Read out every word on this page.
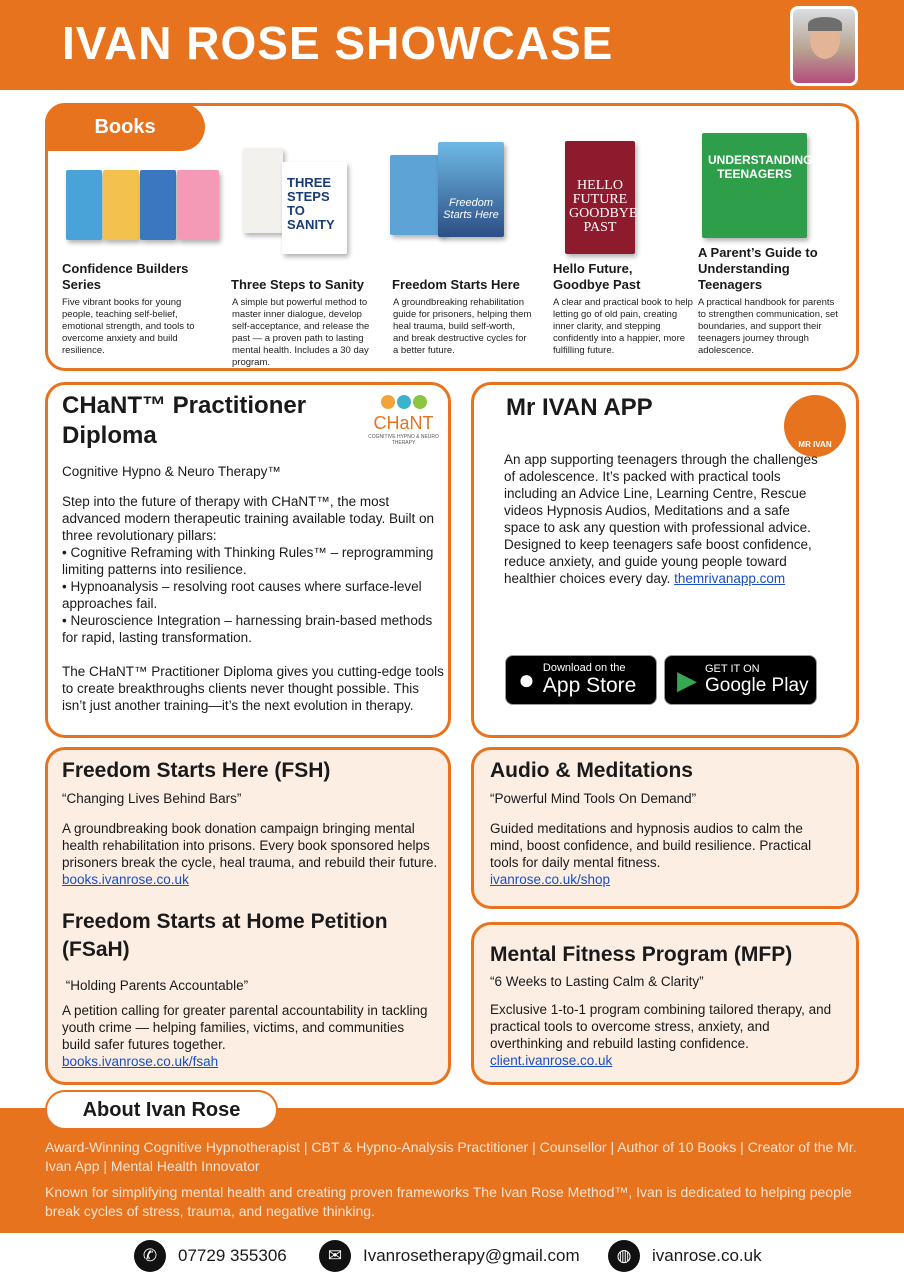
IVAN ROSE SHOWCASE
Books
THREE STEPS TO SANITY
Freedom Starts Here
HELLO FUTURE GOODBYE PAST
UNDERSTANDING TEENAGERS
Confidence Builders Series
Five vibrant books for young people, teaching self-belief, emotional strength, and tools to overcome anxiety and build resilience.
Three Steps to Sanity
A simple but powerful method to master inner dialogue, develop self-acceptance, and release the past — a proven path to lasting mental health. Includes a 30 day program.
Freedom Starts Here
A groundbreaking rehabilitation guide for prisoners, helping them heal trauma, build self-worth, and break destructive cycles for a better future.
Hello Future, Goodbye Past
A clear and practical book to help letting go of old pain, creating inner clarity, and stepping confidently into a happier, more fulfilling future.
A Parent’s Guide to Understanding Teenagers
A practical handbook for parents to strengthen communication, set boundaries, and support their teenagers journey through adolescence.
CHaNT™ Practitioner Diploma	CHaNT
COGNITIVE HYPNO & NEURO THERAPY
Cognitive Hypno & Neuro Therapy™
Step into the future of therapy with CHaNT™, the most advanced modern therapeutic training available today. Built on three revolutionary pillars:
• Cognitive Reframing with Thinking Rules™ – reprogramming limiting patterns into resilience.
• Hypnoanalysis – resolving root causes where surface-level approaches fail.
• Neuroscience Integration – harnessing brain-based methods for rapid, lasting transformation.
The CHaNT™ Practitioner Diploma gives you cutting-edge tools to create breakthroughs clients never thought possible. This isn’t just another training—it’s the next evolution in therapy.
Mr IVAN APP
MR IVAN
An app supporting teenagers through the challenges of adolescence. It’s packed with practical tools including an Advice Line, Learning Centre, Rescue videos Hypnosis Audios, Meditations and a safe space to ask any question with professional advice. Designed to keep teenagers safe boost confidence, reduce anxiety, and guide young people toward healthier choices every day. themrivanapp.com
● Download on the
App Store ▶ GET IT ON
Google Play
Freedom Starts Here (FSH)
“Changing Lives Behind Bars”
A groundbreaking book donation campaign bringing mental health rehabilitation into prisons. Every book sponsored helps prisoners break the cycle, heal trauma, and rebuild their future.
books.ivanrose.co.uk
Freedom Starts at Home Petition (FSaH)
“Holding Parents Accountable”
A petition calling for greater parental accountability in tackling youth crime — helping families, victims, and communities build safer futures together.
books.ivanrose.co.uk/fsah
Audio & Meditations
“Powerful Mind Tools On Demand”
Guided meditations and hypnosis audios to calm the mind, boost confidence, and build resilience. Practical tools for daily mental fitness.
ivanrose.co.uk/shop
Mental Fitness Program (MFP)
“6 Weeks to Lasting Calm & Clarity”
Exclusive 1-to-1 program combining tailored therapy, and practical tools to overcome stress, anxiety, and overthinking and rebuild lasting confidence.
client.ivanrose.co.uk
About Ivan Rose
Award-Winning Cognitive Hypnotherapist | CBT & Hypno-Analysis Practitioner | Counsellor | Author of 10 Books | Creator of the Mr. Ivan App | Mental Health Innovator
Known for simplifying mental health and creating proven frameworks The Ivan Rose Method™, Ivan is dedicated to helping people break cycles of stress, trauma, and negative thinking.
✆	07729 355306	✉	Ivanrosetherapy@gmail.com	◍	ivanrose.co.uk
